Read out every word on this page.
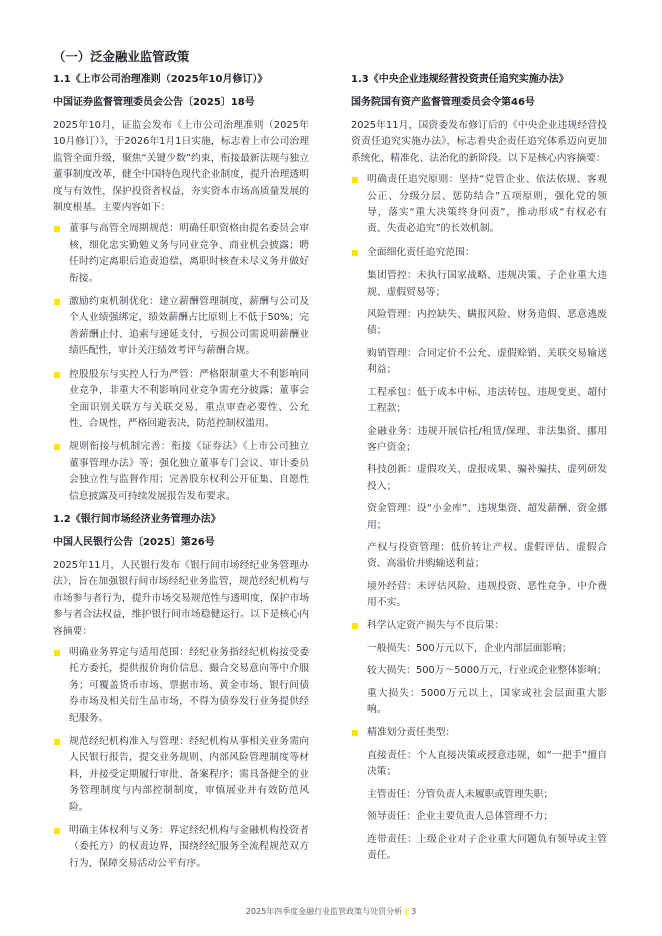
（一）泛金融业监管政策
1.1《上市公司治理准则（2025年10月修订）》
中国证券监督管理委员会公告〔2025〕18号

2025年10月，证监会发布《上市公司治理准则（2025年10月修订）》，于2026年1月1日实施，标志着上市公司治理监管全面升级，聚焦“关键少数”约束，衔接最新法规与独立董事制度改革，健全中国特色现代企业制度，提升治理透明度与有效性，保护投资者权益，夯实资本市场高质量发展的制度根基。主要内容如下：

董事与高管全周期规范：明确任职资格由提名委员会审核，细化忠实勤勉义务与同业竞争、商业机会披露；聘任时约定离职后追责追偿，离职时核查未尽义务并做好衔接。
激励约束机制优化：建立薪酬管理制度，薪酬与公司及个人业绩强绑定，绩效薪酬占比原则上不低于50%；完善薪酬止付、追索与递延支付，亏损公司需说明薪酬业绩匹配性，审计关注绩效考评与薪酬合规。
控股股东与实控人行为严管：严格限制重大不利影响同业竞争，非重大不利影响同业竞争需充分披露；董事会全面识别关联方与关联交易，重点审查必要性、公允性、合规性，严格回避表决，防范控制权滥用。
规则衔接与机制完善：衔接《证券法》《上市公司独立董事管理办法》等；强化独立董事专门会议、审计委员会独立性与监督作用；完善股东权利公开征集、自愿性信息披露及可持续发展报告发布要求。
1.2《银行间市场经济业务管理办法》
中国人民银行公告〔2025〕第26号

2025年11月，人民银行发布《银行间市场经纪业务管理办法》，旨在加强银行间市场经纪业务监管，规范经纪机构与市场参与者行为，提升市场交易规范性与透明度，保护市场参与者合法权益，维护银行间市场稳健运行。以下是核心内容摘要：

明确业务界定与适用范围：经纪业务指经纪机构接受委托方委托，提供报价询价信息、撮合交易意向等中介服务；可覆盖货币市场、票据市场、黄金市场、银行间债券市场及相关衍生品市场，不得为债券发行业务提供经纪服务。
规范经纪机构准入与管理：经纪机构从事相关业务需向人民银行报告，提交业务规则、内部风险管理制度等材料，并接受定期履行审批、备案程序；需具备健全的业务管理制度与内部控制制度，审慎展业并有效防范风险。
明确主体权利与义务：界定经纪机构与金融机构投资者（委托方）的权责边界，围绕经纪服务全流程规范双方行为，保障交易活动公平有序。
1.3《中央企业违规经营投资责任追究实施办法》
国务院国有资产监督管理委员会令第46号

2025年11月，国资委发布修订后的《中央企业违规经营投资责任追究实施办法》，标志着央企责任追究体系迈向更加系统化、精准化、法治化的新阶段。以下是核心内容摘要：

明确责任追究原则：坚持“党管企业、依法依规、客观公正、分级分层、惩防结合”五项原则，强化党的领导，落实“重大决策终身问责”，推动形成“有权必有责、失责必追究”的长效机制。
全面细化责任追究范围：
集团管控：未执行国家战略、违规决策、子企业重大违规、虚假贸易等；
风险管理：内控缺失、瞒报风险、财务造假、恶意逃废债；
购销管理：合同定价不公允、虚假赊销、关联交易输送利益；
工程承包：低于成本中标、违法转包、违规变更、超付工程款；
金融业务：违规开展信托/租赁/保理、非法集资、挪用客户资金；
科技创新：虚假攻关、虚报成果、骗补骗扶、虚列研发投入；
资金管理：设“小金库”、违规集资、超发薪酬、资金挪用；
产权与投资管理：低价转让产权、虚假评估、虚假合资、高溢价并购输送利益；
境外经营：未评估风险、违规投资、恶性竞争、中介费用不实。
科学认定资产损失与不良后果：
一般损失：500万元以下，企业内部层面影响；
较大损失：500万～5000万元，行业或企业整体影响；
重大损失：5000万元以上，国家或社会层面重大影响。
精准划分责任类型：
直接责任：个人直接决策或授意违规，如“一把手”擅自决策；
主管责任：分管负责人未履职或管理失职；
领导责任：企业主要负责人总体管理不力；
连带责任：上级企业对子企业重大问题负有领导或主管责任。
2025年四季度金融行业监管政策与处罚分析 | 3
